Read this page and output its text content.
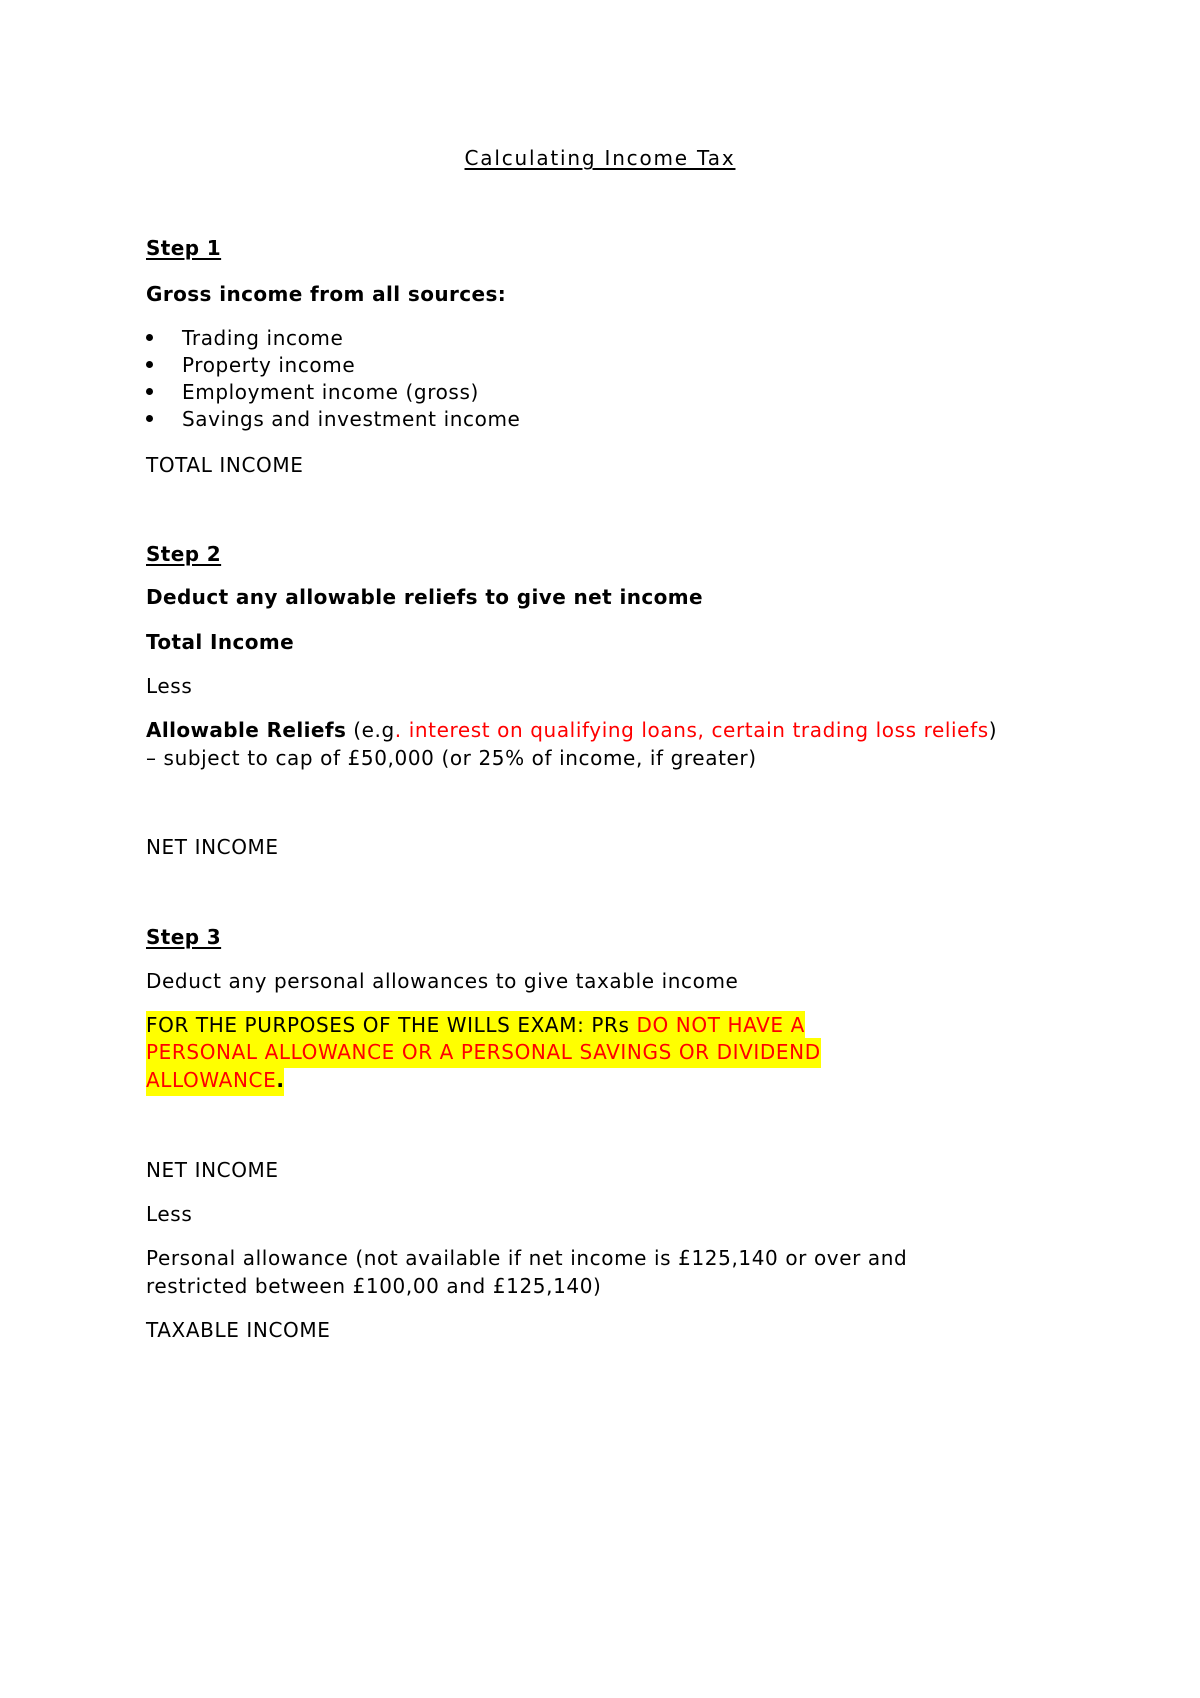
Calculating Income Tax
Step 1
Gross income from all sources:
Trading income
Property income
Employment income (gross)
Savings and investment income
TOTAL INCOME
Step 2
Deduct any allowable reliefs to give net income
Total Income
Less
Allowable Reliefs (e.g. interest on qualifying loans, certain trading loss reliefs)
– subject to cap of £50,000 (or 25% of income, if greater)
NET INCOME
Step 3
Deduct any personal allowances to give taxable income
FOR THE PURPOSES OF THE WILLS EXAM: PRs DO NOT HAVE A
PERSONAL ALLOWANCE OR A PERSONAL SAVINGS OR DIVIDEND
ALLOWANCE.
NET INCOME
Less
Personal allowance (not available if net income is £125,140 or over and
restricted between £100,00 and £125,140)
TAXABLE INCOME
